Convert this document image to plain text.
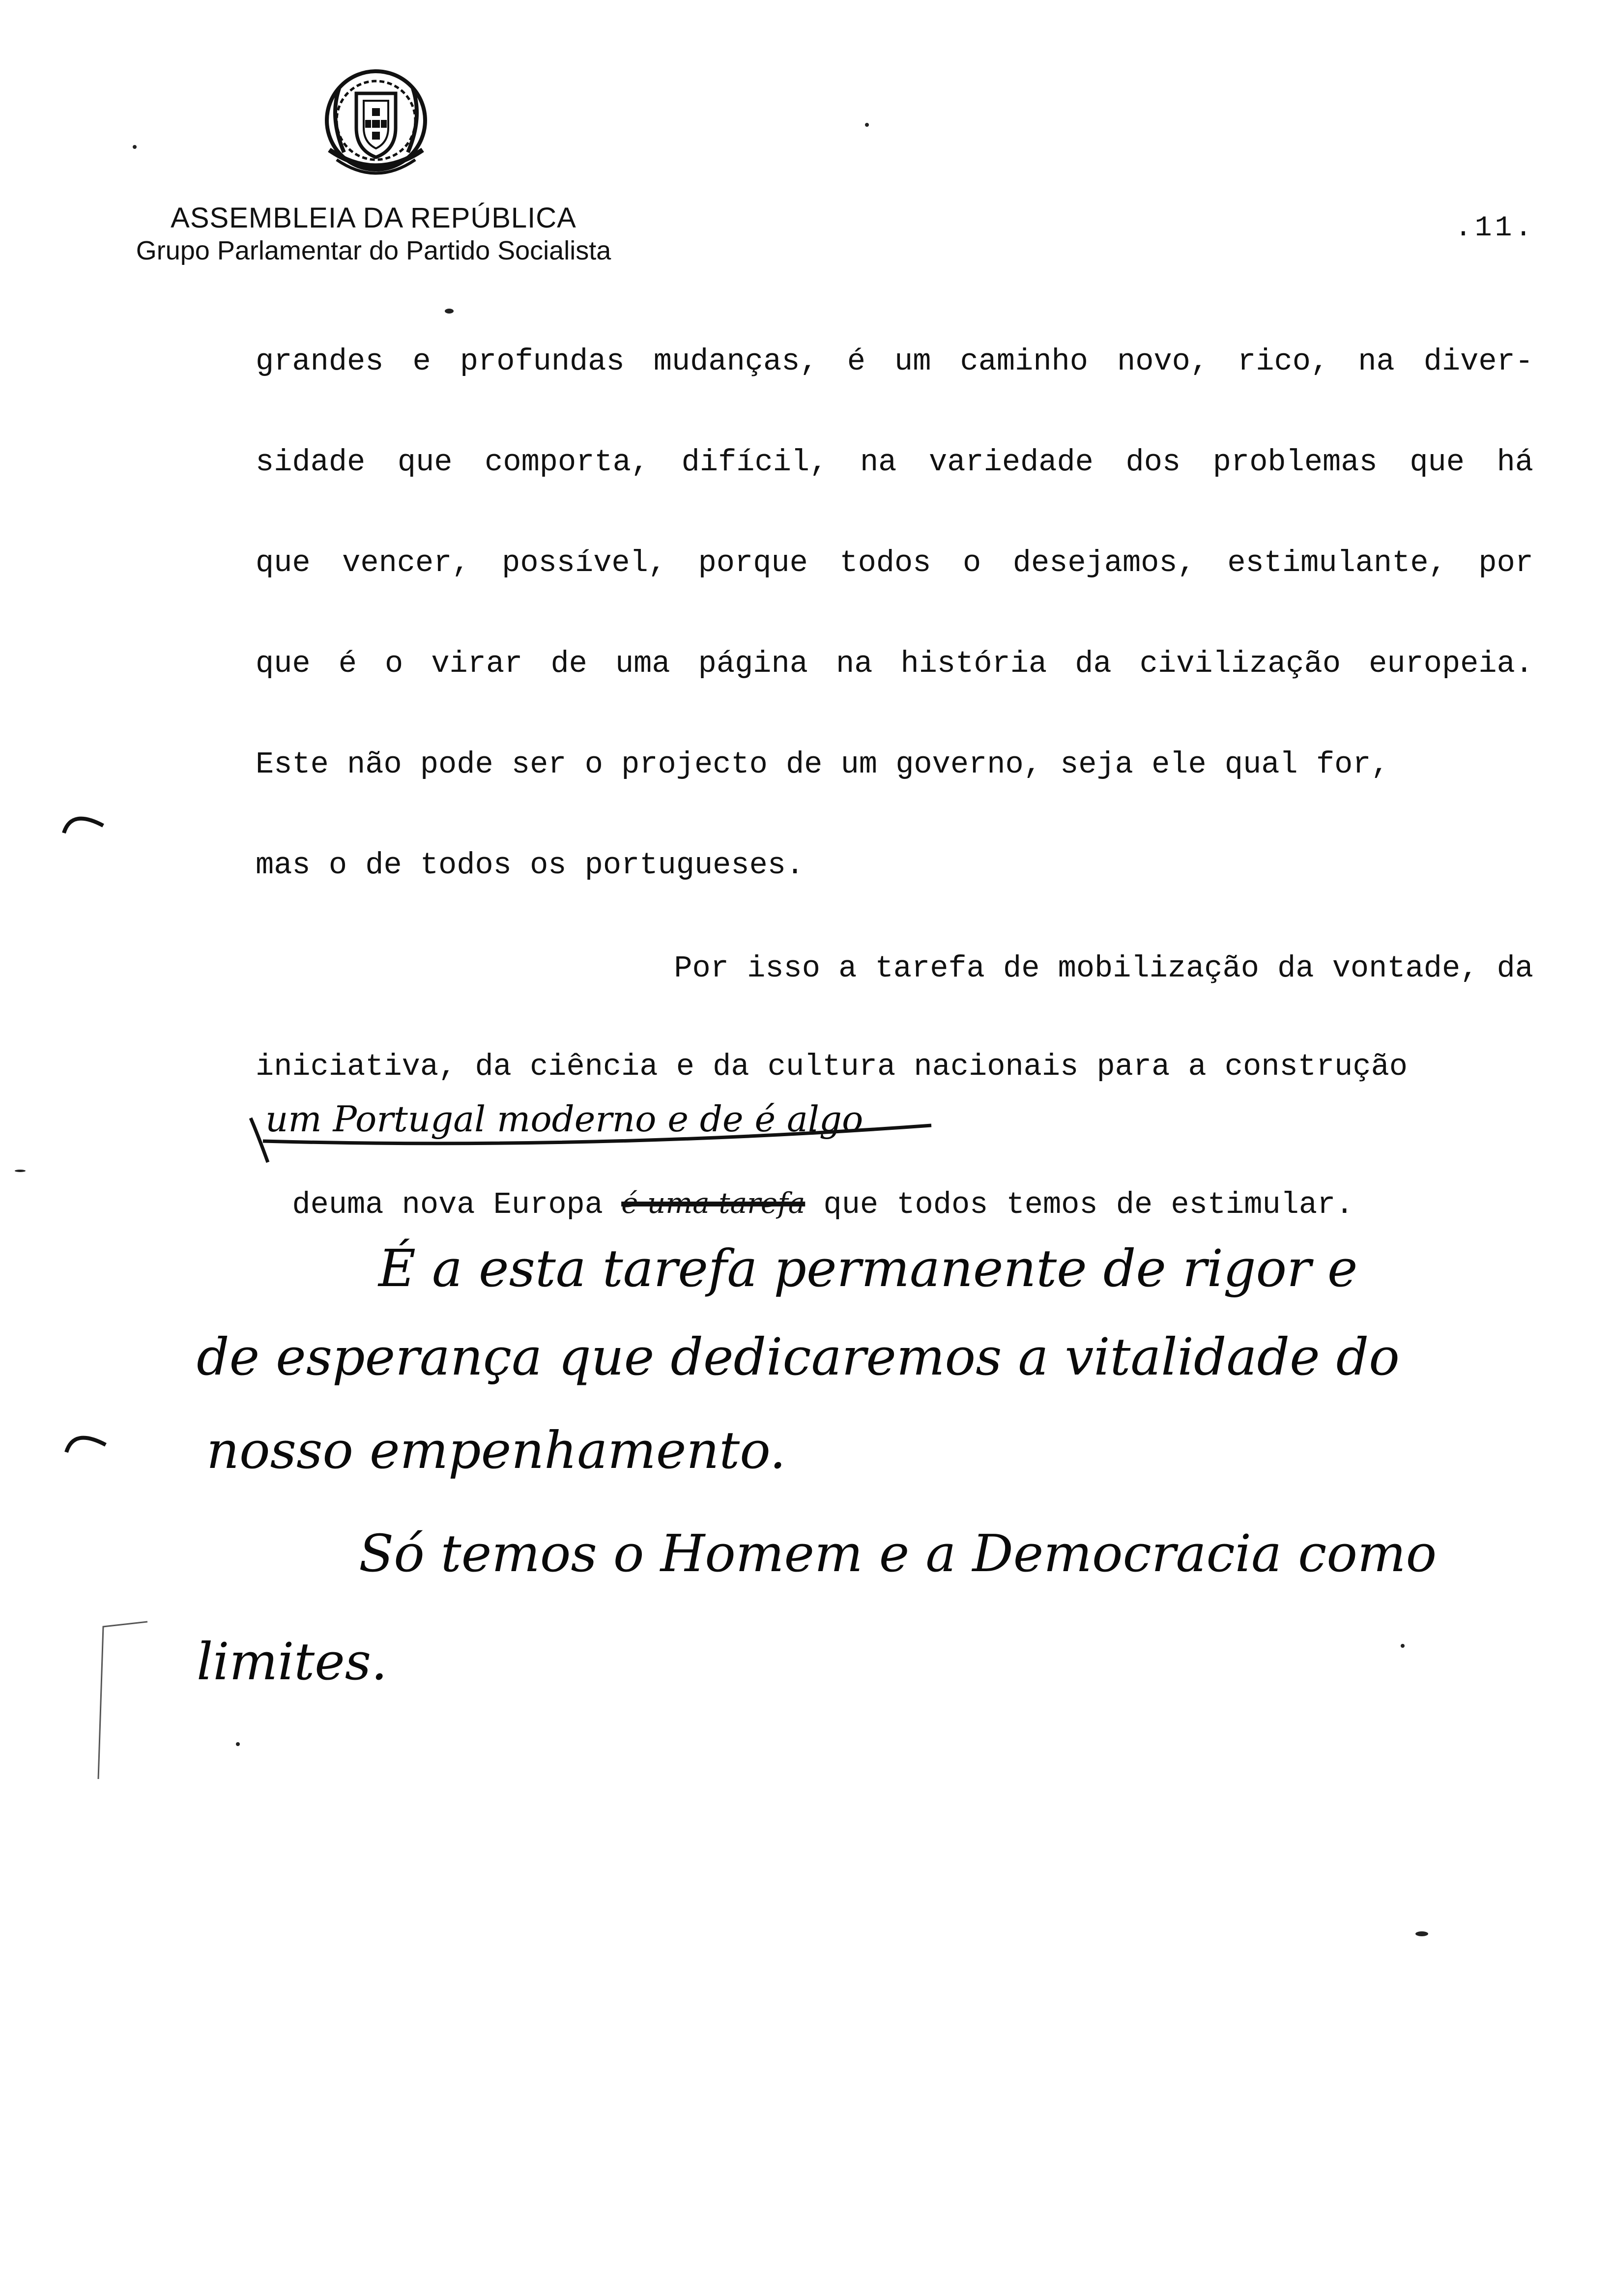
ASSEMBLEIA DA REPÚBLICA
Grupo Parlamentar do Partido Socialista
.11.
grandes e profundas mudanças, é um caminho novo, rico, na diver-
sidade que comporta, difícil, na variedade dos problemas que há
que vencer, possível, porque todos o desejamos, estimulante, por
que é o virar de uma página na história da civilização europeia.
Este não pode ser o projecto de um governo, seja ele qual for,
mas o de todos os portugueses.
Por isso a tarefa de mobilização da vontade, da
iniciativa, da ciência e da cultura nacionais para a construção
um Portugal moderno e de é algo

deuma nova Europa é uma tarefa que todos temos de estimular.

É a esta tarefa permanente de rigor e
de esperança que dedicaremos a vitalidade do
nosso empenhamento.
Só temos o Homem e a Democracia como
limites.
